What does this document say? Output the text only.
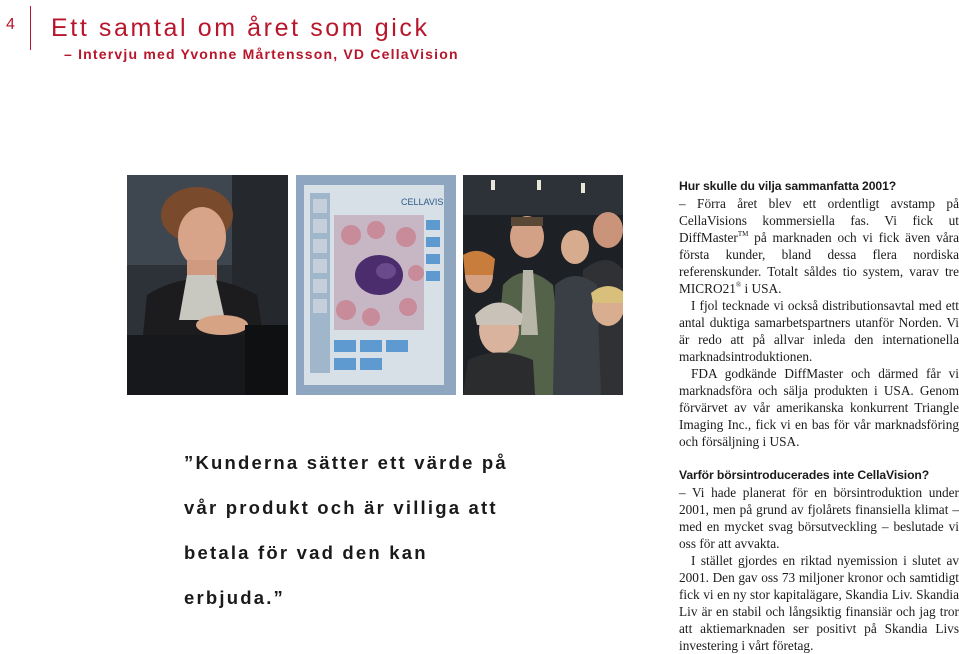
4 Ett samtal om året som gick
– Intervju med Yvonne Mårtensson, VD CellaVision
CELLAVIS

”Kunderna sätter ett värde på

vår produkt och är villiga att

betala för vad den kan erbjuda.”

Hur skulle du vilja sammanfatta 2001?

– Förra året blev ett ordentligt avstamp på CellaVisions kommersiella fas. Vi fick ut DiffMaster™ på marknaden och vi fick även våra första kunder, bland dessa flera nordiska referenskunder. Totalt såldes tio system, varav tre MICRO21® i USA.

I fjol tecknade vi också distributionsavtal med ett antal duktiga samarbetspartners utanför Norden. Vi är redo att på allvar inleda den internationella marknadsintroduktionen.

FDA godkände DiffMaster och därmed får vi marknadsföra och sälja produkten i USA. Genom förvärvet av vår amerikanska konkurrent Triangle Imaging Inc., fick vi en bas för vår marknadsföring och försäljning i USA.

Varför börsintroducerades inte CellaVision?

– Vi hade planerat för en börsintroduktion under 2001, men på grund av fjolårets finansiella klimat – med en mycket svag börsutveckling – beslutade vi oss för att avvakta.

I stället gjordes en riktad nyemission i slutet av 2001. Den gav oss 73 miljoner kronor och samtidigt fick vi en ny stor kapitalägare, Skandia Liv. Skandia Liv är en stabil och långsiktig finansiär och jag tror att aktiemarknaden ser positivt på Skandia Livs investering i vårt företag.
